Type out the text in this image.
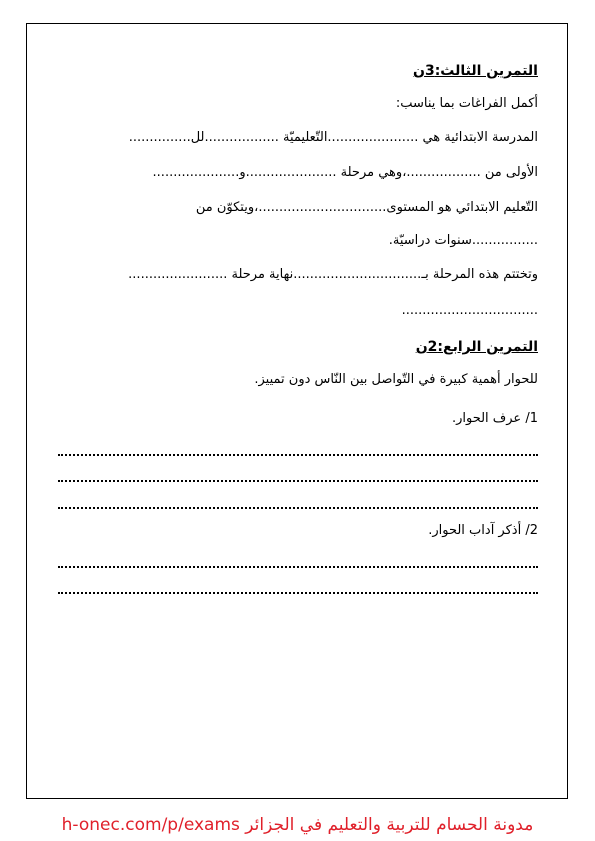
التمرين الثالث:3ن
أكمل الفراغات بما يناسب:
المدرسة الابتدائية هي ......................التّعليميّة ..................لل...............
الأولى من ..................،وهي مرحلة ......................و.....................
التّعليم الابتدائي هو المستوى...............................،ويتكوّن من
................سنوات دراسيّة.
وتختتم هذه المرحلة بـ...............................نهاية مرحلة ........................
.................................
التمرين الرابع:2ن
للحوار أهمية كبيرة في التّواصل بين النّاس دون تمييز.
1/ عرف الحوار.
2/ أذكر آداب الحوار.
مدونة الحسام للتربية والتعليم في الجزائر h-onec.com/p/exams
